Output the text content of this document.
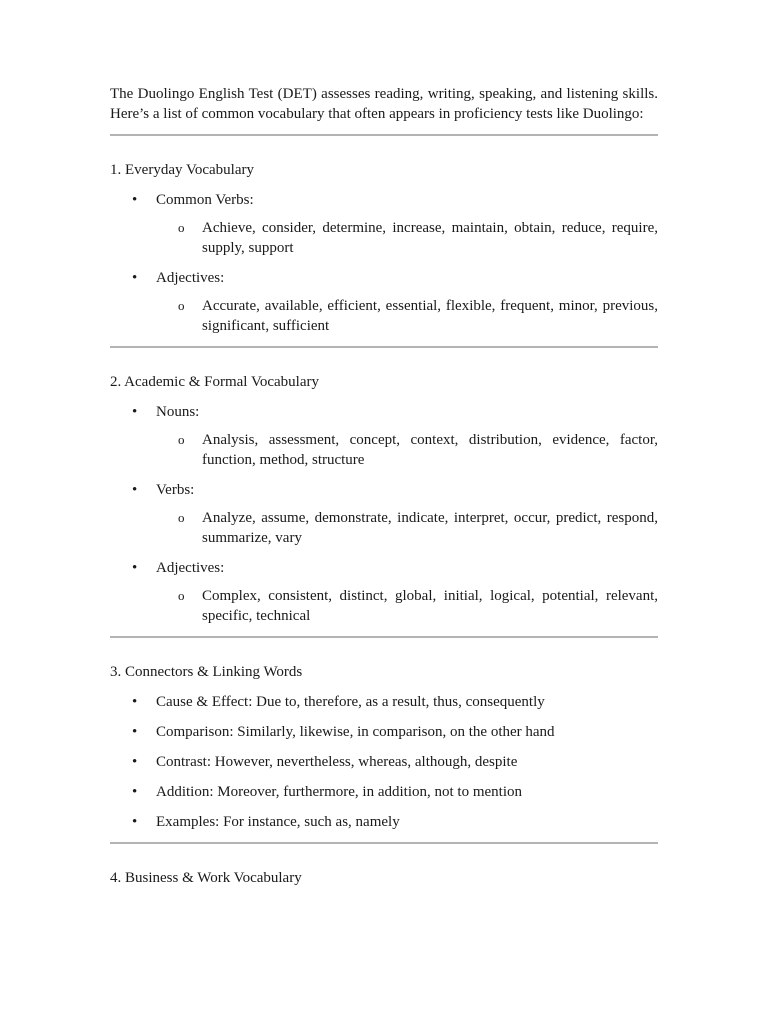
The Duolingo English Test (DET) assesses reading, writing, speaking, and listening skills. Here’s a list of common vocabulary that often appears in proficiency tests like Duolingo:

1. Everyday Vocabulary
• Common Verbs:
o Achieve, consider, determine, increase, maintain, obtain, reduce, require, supply, support
• Adjectives:
o Accurate, available, efficient, essential, flexible, frequent, minor, previous, significant, sufficient
2. Academic & Formal Vocabulary
• Nouns:
o Analysis, assessment, concept, context, distribution, evidence, factor, function, method, structure
• Verbs:
o Analyze, assume, demonstrate, indicate, interpret, occur, predict, respond, summarize, vary
• Adjectives:
o Complex, consistent, distinct, global, initial, logical, potential, relevant, specific, technical
3. Connectors & Linking Words
• Cause & Effect: Due to, therefore, as a result, thus, consequently
• Comparison: Similarly, likewise, in comparison, on the other hand
• Contrast: However, nevertheless, whereas, although, despite
• Addition: Moreover, furthermore, in addition, not to mention
• Examples: For instance, such as, namely
4. Business & Work Vocabulary
